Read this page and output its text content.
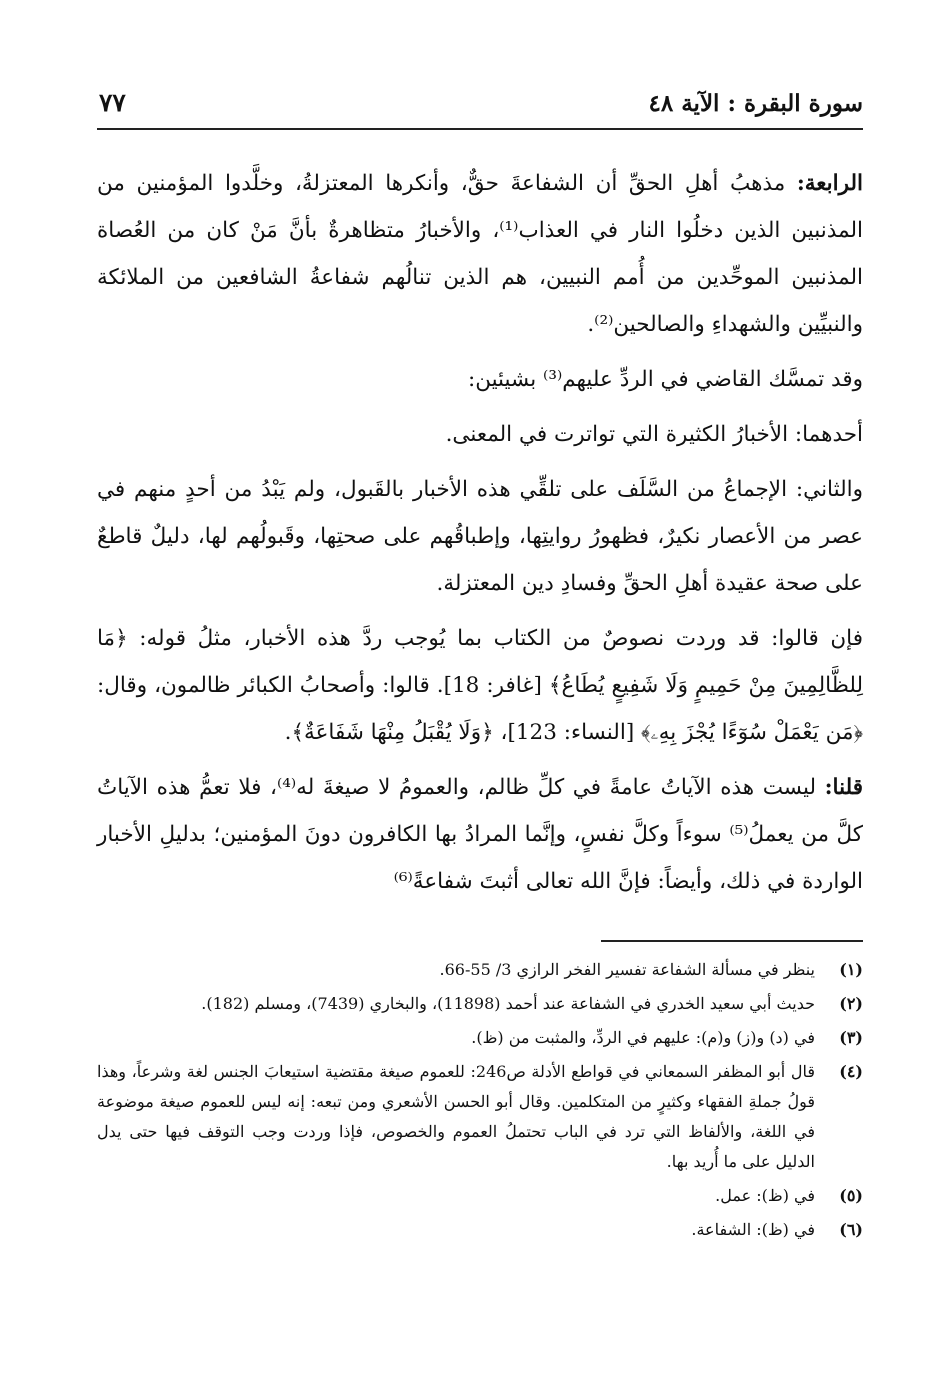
سورة البقرة : الآية ٤٨
٧٧

الرابعة: مذهبُ أهلِ الحقِّ أن الشفاعةَ حقٌّ، وأنكرها المعتزلةُ، وخلَّدوا المؤمنين من المذنبين الذين دخلُوا النار في العذاب⁽¹⁾، والأخبارُ متظاهرةٌ بأنَّ مَنْ كان من العُصاة المذنبين الموحِّدين من أُمم النبيين، هم الذين تنالُهم شفاعةُ الشافعين من الملائكة والنبيِّين والشهداءِ والصالحين⁽²⁾.

وقد تمسَّك القاضي في الردِّ عليهم⁽³⁾ بشيئين:

أحدهما: الأخبارُ الكثيرة التي تواترت في المعنى.

والثاني: الإجماعُ من السَّلَف على تلقِّي هذه الأخبار بالقَبول، ولم يَبْدُ من أحدٍ منهم في عصر من الأعصار نكيرٌ، فظهورُ روايتِها، وإطباقُهم على صحتِها، وقَبولُهم لها، دليلٌ قاطعٌ على صحة عقيدة أهلِ الحقِّ وفسادِ دين المعتزلة.

فإن قالوا: قد وردت نصوصٌ من الكتاب بما يُوجب ردَّ هذه الأخبار، مثلُ قوله: ﴿مَا لِلظَّالِمِينَ مِنْ حَمِيمٍ وَلَا شَفِيعٍ يُطَاعُ﴾ [غافر: 18]. قالوا: وأصحابُ الكبائر ظالمون، وقال: ﴿مَن يَعْمَلْ سُوٓءًا يُجْزَ بِهِۦ﴾ [النساء: 123]، ﴿وَلَا يُقْبَلُ مِنْهَا شَفَاعَةٌ﴾.

قلنا: ليست هذه الآياتُ عامةً في كلِّ ظالم، والعمومُ لا صيغةَ له⁽⁴⁾، فلا تعمُّ هذه الآياتُ كلَّ من يعملُ⁽⁵⁾ سوءاً وكلَّ نفسٍ، وإنَّما المرادُ بها الكافرون دونَ المؤمنين؛ بدليلِ الأخبار الواردة في ذلك، وأيضاً: فإنَّ الله تعالى أثبتَ شفاعةً⁽⁶⁾

(١)
ينظر في مسألة الشفاعة تفسير الفخر الرازي 3/ 55-66.

(٢)
حديث أبي سعيد الخدري في الشفاعة عند أحمد (11898)، والبخاري (7439)، ومسلم (182).

(٣)
في (د) و(ز) و(م): عليهم في الردِّ، والمثبت من (ظ).

(٤)
قال أبو المظفر السمعاني في قواطع الأدلة ص246: للعموم صيغة مقتضية استيعابَ الجنس لغة وشرعاً، وهذا قولُ جملةِ الفقهاء وكثيرٍ من المتكلمين. وقال أبو الحسن الأشعري ومن تبعه: إنه ليس للعموم صيغة موضوعة في اللغة، والألفاظ التي ترد في الباب تحتملُ العموم والخصوص، فإذا وردت وجب التوقف فيها حتى يدل الدليل على ما أُريد بها.

(٥)
في (ظ): عمل.

(٦)
في (ظ): الشفاعة.
